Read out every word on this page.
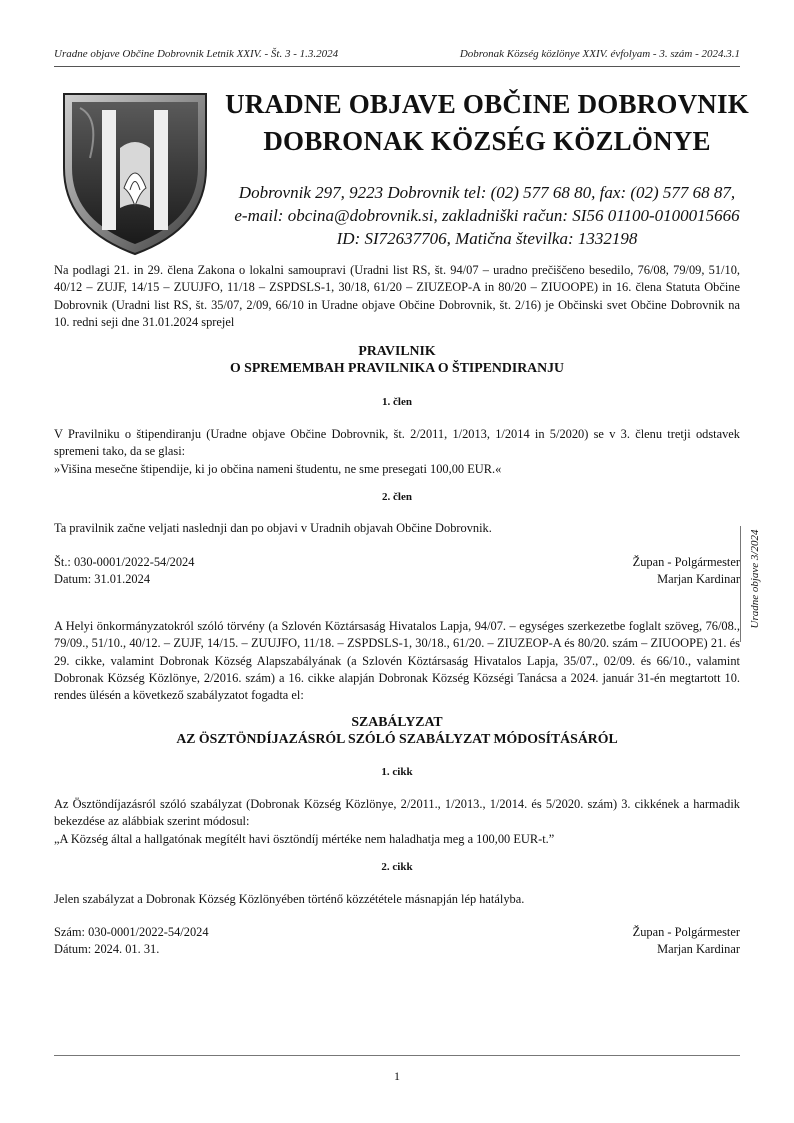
Uradne objave Občine Dobrovnik Letnik XXIV. - Št. 3 - 1.3.2024	Dobronak Község közlönye XXIV. évfolyam - 3. szám - 2024.3.1
URADNE OBJAVE OBČINE DOBROVNIK
DOBRONAK KÖZSÉG KÖZLÖNYE
Dobrovnik 297, 9223 Dobrovnik tel: (02) 577 68 80, fax: (02) 577 68 87,
e-mail: obcina@dobrovnik.si, zakladniški račun: SI56 01100-0100015666
ID: SI72637706, Matična številka: 1332198
Na podlagi 21. in 29. člena Zakona o lokalni samoupravi (Uradni list RS, št. 94/07 – uradno prečiščeno besedilo, 76/08, 79/09, 51/10, 40/12 – ZUJF, 14/15 – ZUUJFO, 11/18 – ZSPDSLS-1, 30/18, 61/20 – ZIUZEOP-A in 80/20 – ZIUOOPE) in 16. člena Statuta Občine Dobrovnik (Uradni list RS, št. 35/07, 2/09, 66/10 in Uradne objave Občine Dobrovnik, št. 2/16) je Občinski svet Občine Dobrovnik na 10. redni seji dne 31.01.2024 sprejel
PRAVILNIK
O SPREMEMBAH PRAVILNIKA O ŠTIPENDIRANJU
1. člen
V Pravilniku o štipendiranju (Uradne objave Občine Dobrovnik, št. 2/2011, 1/2013, 1/2014 in 5/2020) se v 3. členu tretji odstavek spremeni tako, da se glasi:
»Višina mesečne štipendije, ki jo občina nameni študentu, ne sme presegati 100,00 EUR.«
2. člen
Ta pravilnik začne veljati naslednji dan po objavi v Uradnih objavah Občine Dobrovnik.
Št.: 030-0001/2022-54/2024
Datum: 31.01.2024
Župan - Polgármester
Marjan Kardinar Uradne objave 3/2024
A Helyi önkormányzatokról szóló törvény (a Szlovén Köztársaság Hivatalos Lapja, 94/07. – egységes szerkezetbe foglalt szöveg, 76/08., 79/09., 51/10., 40/12. – ZUJF, 14/15. – ZUUJFO, 11/18. – ZSPDSLS-1, 30/18., 61/20. – ZIUZEOP-A és 80/20. szám – ZIUOOPE) 21. és 29. cikke, valamint Dobronak Község Alapszabályának (a Szlovén Köztársaság Hivatalos Lapja, 35/07., 02/09. és 66/10., valamint Dobronak Község Közlönye, 2/2016. szám) a 16. cikke alapján Dobronak Község Községi Tanácsa a 2024. január 31-én megtartott 10. rendes ülésén a következő szabályzatot fogadta el:
SZABÁLYZAT
AZ ÖSZTÖNDÍJAZÁSRÓL SZÓLÓ SZABÁLYZAT MÓDOSÍTÁSÁRÓL
1. cikk
Az Ösztöndíjazásról szóló szabályzat (Dobronak Község Közlönye, 2/2011., 1/2013., 1/2014. és 5/2020. szám) 3. cikkének a harmadik bekezdése az alábbiak szerint módosul:
„A Község által a hallgatónak megítélt havi ösztöndíj mértéke nem haladhatja meg a 100,00 EUR-t.”
2. cikk
Jelen szabályzat a Dobronak Község Közlönyében történő közzététele másnapján lép hatályba.
Szám: 030-0001/2022-54/2024
Dátum: 2024. 01. 31.
Župan - Polgármester
Marjan Kardinar
1
